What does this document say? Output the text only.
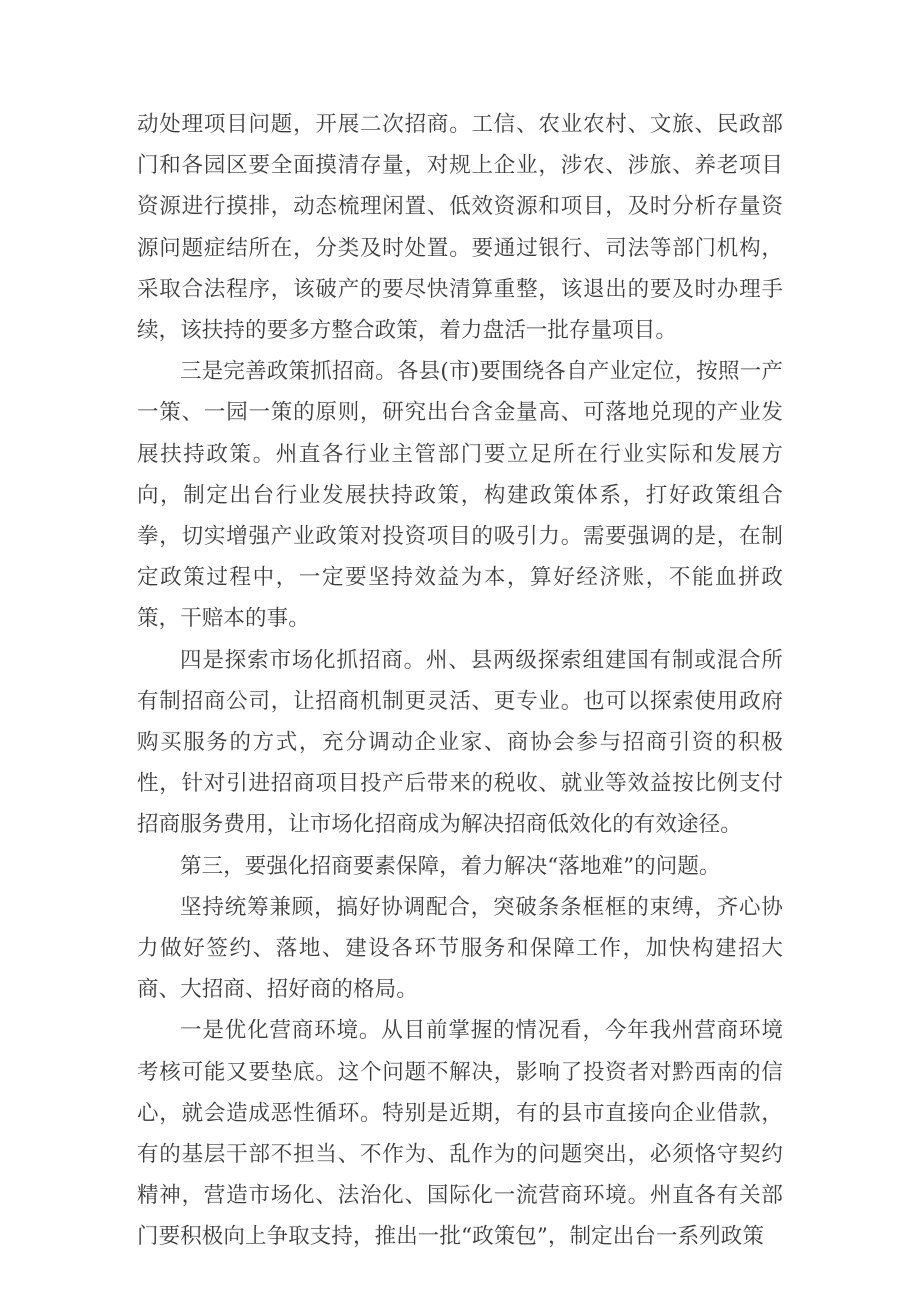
动处理项目问题，开展二次招商。工信、农业农村、文旅、民政部门和各园区要全面摸清存量，对规上企业，涉农、涉旅、养老项目资源进行摸排，动态梳理闲置、低效资源和项目，及时分析存量资源问题症结所在，分类及时处置。要通过银行、司法等部门机构，采取合法程序，该破产的要尽快清算重整，该退出的要及时办理手续，该扶持的要多方整合政策，着力盘活一批存量项目。

三是完善政策抓招商。各县(市)要围绕各自产业定位，按照一产一策、一园一策的原则，研究出台含金量高、可落地兑现的产业发展扶持政策。州直各行业主管部门要立足所在行业实际和发展方向，制定出台行业发展扶持政策，构建政策体系，打好政策组合拳，切实增强产业政策对投资项目的吸引力。需要强调的是，在制定政策过程中，一定要坚持效益为本，算好经济账，不能血拼政策，干赔本的事。

四是探索市场化抓招商。州、县两级探索组建国有制或混合所有制招商公司，让招商机制更灵活、更专业。也可以探索使用政府购买服务的方式，充分调动企业家、商协会参与招商引资的积极性，针对引进招商项目投产后带来的税收、就业等效益按比例支付招商服务费用，让市场化招商成为解决招商低效化的有效途径。

第三，要强化招商要素保障，着力解决“落地难”的问题。

坚持统筹兼顾，搞好协调配合，突破条条框框的束缚，齐心协力做好签约、落地、建设各环节服务和保障工作，加快构建招大商、大招商、招好商的格局。

一是优化营商环境。从目前掌握的情况看，今年我州营商环境考核可能又要垫底。这个问题不解决，影响了投资者对黔西南的信心，就会造成恶性循环。特别是近期，有的县市直接向企业借款，有的基层干部不担当、不作为、乱作为的问题突出，必须恪守契约精神，营造市场化、法治化、国际化一流营商环境。州直各有关部门要积极向上争取支持，推出一批“政策包”，制定出台一系列政策
